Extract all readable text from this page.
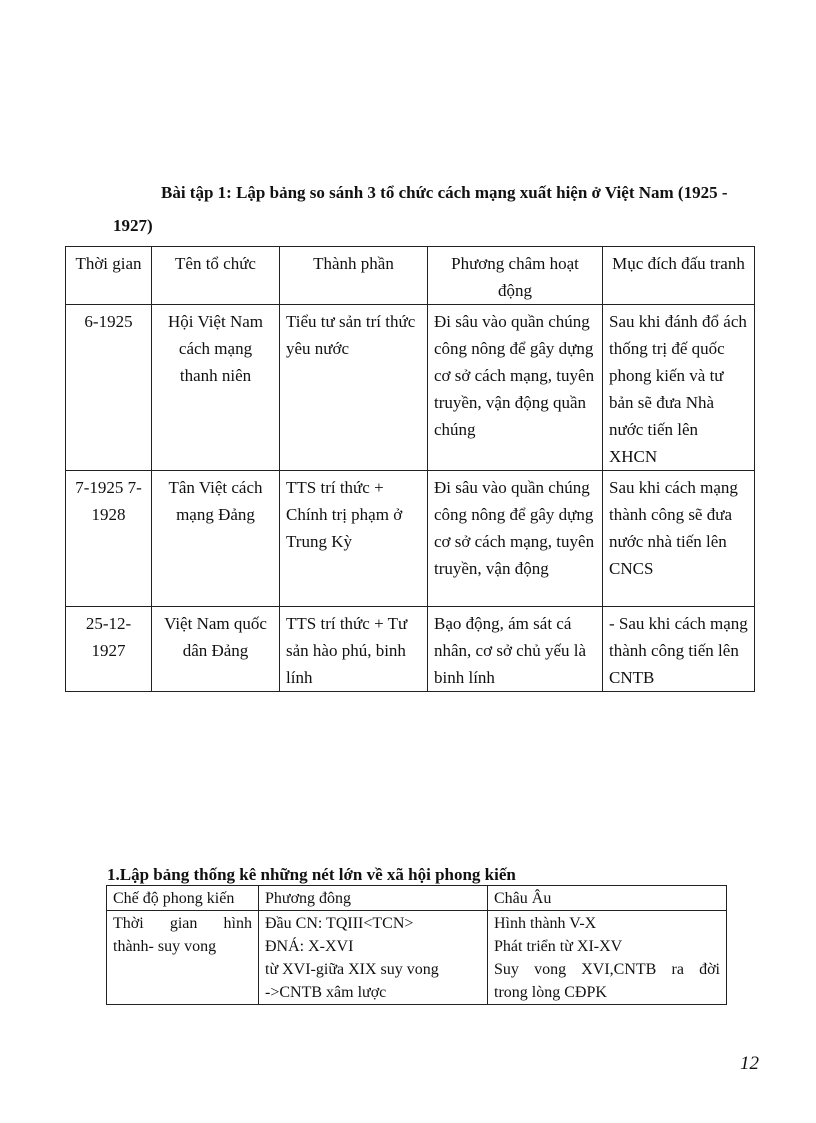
Bài tập 1: Lập bảng so sánh 3 tổ chức cách mạng xuất hiện ở Việt Nam (1925 -
1927)
Thời gian	Tên tổ chức	Thành phần	Phương châm hoạt động	Mục đích đấu tranh
6-1925	Hội Việt Nam cách mạng thanh niên	Tiểu tư sản trí thức yêu nước	Đi sâu vào quần chúng công nông để gây dựng cơ sở cách mạng, tuyên truyền, vận động quần chúng	Sau khi đánh đổ ách thống trị đế quốc phong kiến và tư bản sẽ đưa Nhà nước tiến lên XHCN
7-1925 7-1928	Tân Việt cách mạng Đảng	TTS trí thức + Chính trị phạm ở Trung Kỳ	Đi sâu vào quần chúng công nông để gây dựng cơ sở cách mạng, tuyên truyền, vận động	Sau khi cách mạng thành công sẽ đưa nước nhà tiến lên CNCS
25-12-1927	Việt Nam quốc dân Đảng	TTS trí thức + Tư sản hào phú, binh lính	Bạo động, ám sát cá nhân, cơ sở chủ yếu là binh lính	- Sau khi cách mạng thành công tiến lên CNTB
1.Lập bảng thống kê những nét lớn về xã hội phong kiến
Chế độ phong kiến	Phương đông	Châu Âu
Thời gian hình thành- suy vong	Đầu CN: TQIII<TCN>
ĐNÁ: X-XVI
từ XVI-giữa XIX suy vong
->CNTB xâm lược	Hình thành V-X
Phát triển từ XI-XV
Suy vong XVI,CNTB ra đời
trong lòng CĐPK
12
